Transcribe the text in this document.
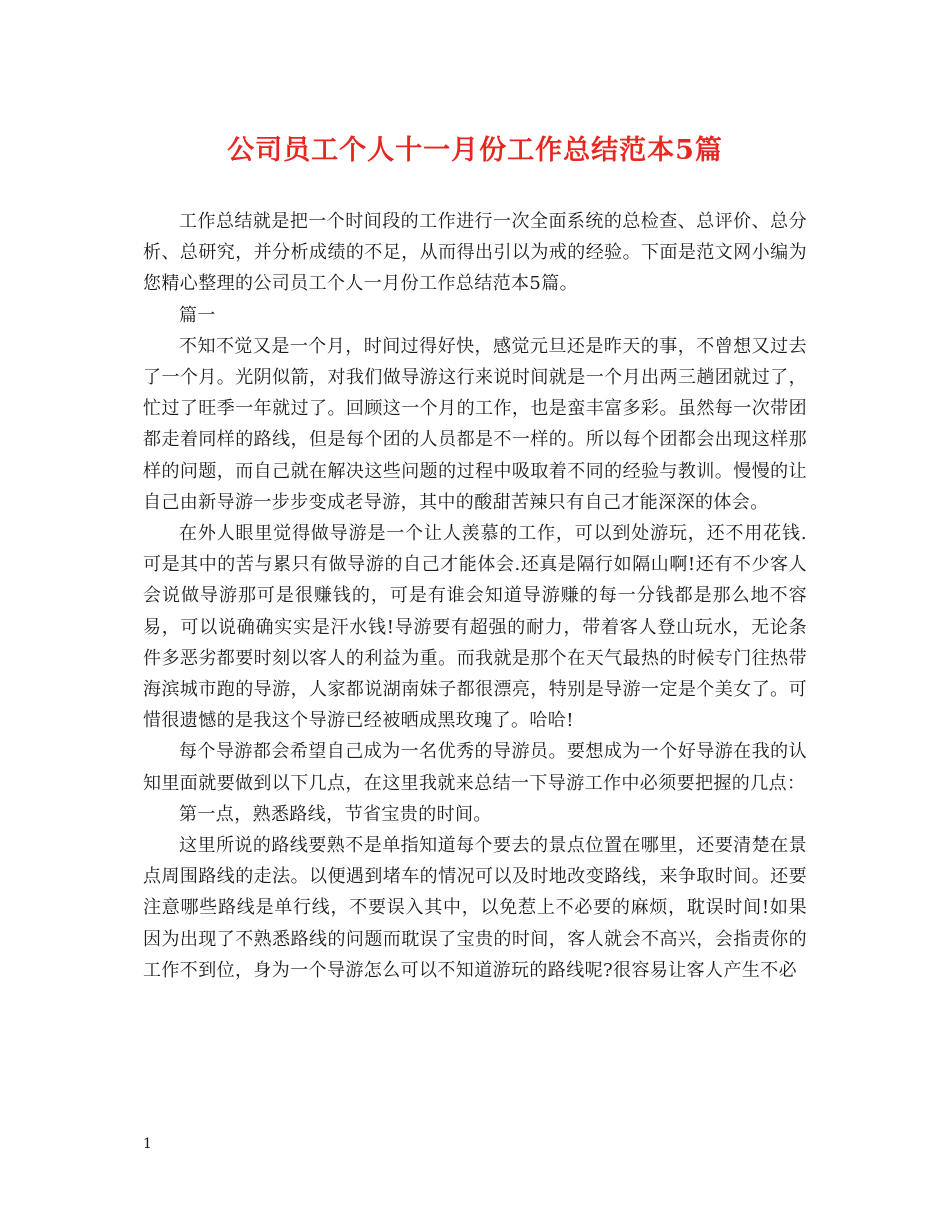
公司员工个人十一月份工作总结范本5篇

工作总结就是把一个时间段的工作进行一次全面系统的总检查、总评价、总分析、总研究，并分析成绩的不足，从而得出引以为戒的经验。下面是范文网小编为您精心整理的公司员工个人一月份工作总结范本5篇。

篇一

不知不觉又是一个月，时间过得好快，感觉元旦还是昨天的事，不曾想又过去了一个月。光阴似箭，对我们做导游这行来说时间就是一个月出两三趟团就过了，忙过了旺季一年就过了。回顾这一个月的工作，也是蛮丰富多彩。虽然每一次带团都走着同样的路线，但是每个团的人员都是不一样的。所以每个团都会出现这样那样的问题，而自己就在解决这些问题的过程中吸取着不同的经验与教训。慢慢的让自己由新导游一步步变成老导游，其中的酸甜苦辣只有自己才能深深的体会。

在外人眼里觉得做导游是一个让人羡慕的工作，可以到处游玩，还不用花钱.可是其中的苦与累只有做导游的自己才能体会.还真是隔行如隔山啊!还有不少客人会说做导游那可是很赚钱的，可是有谁会知道导游赚的每一分钱都是那么地不容易，可以说确确实实是汗水钱!导游要有超强的耐力，带着客人登山玩水，无论条件多恶劣都要时刻以客人的利益为重。而我就是那个在天气最热的时候专门往热带海滨城市跑的导游，人家都说湖南妹子都很漂亮，特别是导游一定是个美女了。可惜很遗憾的是我这个导游已经被晒成黑玫瑰了。哈哈!

每个导游都会希望自己成为一名优秀的导游员。要想成为一个好导游在我的认知里面就要做到以下几点，在这里我就来总结一下导游工作中必须要把握的几点：

第一点，熟悉路线，节省宝贵的时间。

这里所说的路线要熟不是单指知道每个要去的景点位置在哪里，还要清楚在景点周围路线的走法。以便遇到堵车的情况可以及时地改变路线，来争取时间。还要注意哪些路线是单行线，不要误入其中，以免惹上不必要的麻烦，耽误时间!如果因为出现了不熟悉路线的问题而耽误了宝贵的时间，客人就会不高兴，会指责你的工作不到位，身为一个导游怎么可以不知道游玩的路线呢?很容易让客人产生不必

1
